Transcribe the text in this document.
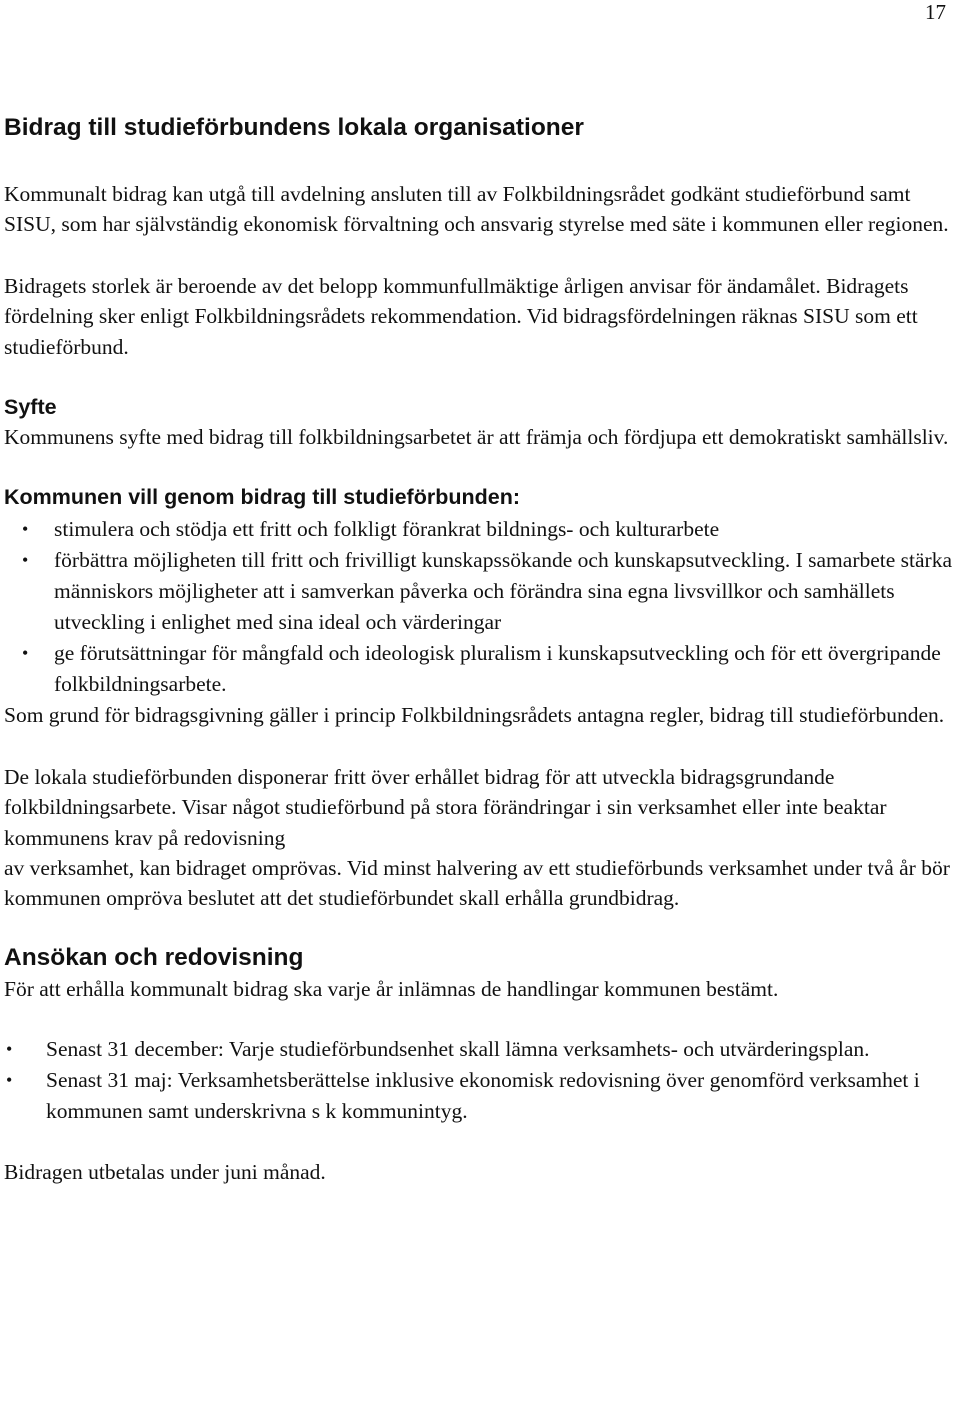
17
Bidrag till studieförbundens lokala organisationer

Kommunalt bidrag kan utgå till avdelning ansluten till av Folkbildningsrådet godkänt studieförbund samt SISU, som har självständig ekonomisk förvaltning och ansvarig styrelse med säte i kommunen eller regionen.

Bidragets storlek är beroende av det belopp kommunfullmäktige årligen anvisar för ändamålet. Bidragets fördelning sker enligt Folkbildningsrådets rekommendation. Vid bidragsfördelningen räknas SISU som ett studieförbund.

Syfte

Kommunens syfte med bidrag till folkbildningsarbetet är att främja och fördjupa ett demokratiskt samhällsliv.

Kommunen vill genom bidrag till studieförbunden:
• stimulera och stödja ett fritt och folkligt förankrat bildnings- och kulturarbete
• förbättra möjligheten till fritt och frivilligt kunskapssökande och kunskapsutveckling. I samarbete stärka människors möjligheter att i samverkan påverka och förändra sina egna livsvillkor och samhällets utveckling i enlighet med sina ideal och värderingar
• ge förutsättningar för mångfald och ideologisk pluralism i kunskapsutveckling och för ett övergripande folkbildningsarbete.

Som grund för bidragsgivning gäller i princip Folkbildningsrådets antagna regler, bidrag till studieförbunden.

De lokala studieförbunden disponerar fritt över erhållet bidrag för att utveckla bidragsgrundande folkbildningsarbete. Visar något studieförbund på stora förändringar i sin verksamhet eller inte beaktar kommunens krav på redovisning

av verksamhet, kan bidraget omprövas. Vid minst halvering av ett studieförbunds verksamhet under två år bör kommunen ompröva beslutet att det studieförbundet skall erhålla grundbidrag.

Ansökan och redovisning

För att erhålla kommunalt bidrag ska varje år inlämnas de handlingar kommunen bestämt.

• Senast 31 december: Varje studieförbundsenhet skall lämna verksamhets- och utvärderingsplan.
• Senast 31 maj: Verksamhetsberättelse inklusive ekonomisk redovisning över genomförd verksamhet i kommunen samt underskrivna s k kommunintyg.

Bidragen utbetalas under juni månad.
